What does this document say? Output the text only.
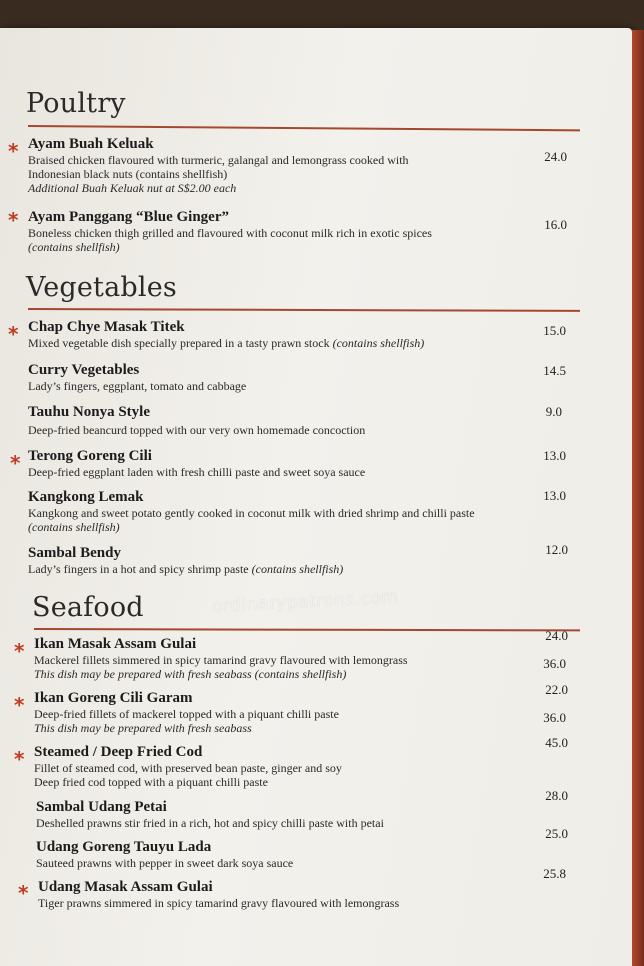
Poultry
* Ayam Buah Keluak
Braised chicken flavoured with turmeric, galangal and lemongrass cooked with
Indonesian black nuts (contains shellfish)
Additional Buah Keluak nut at S$2.00 each
24.0
* Ayam Panggang “Blue Ginger”
Boneless chicken thigh grilled and flavoured with coconut milk rich in exotic spices
(contains shellfish)
16.0
Vegetables
* Chap Chye Masak Titek
Mixed vegetable dish specially prepared in a tasty prawn stock (contains shellfish)
15.0
Curry Vegetables
Lady’s fingers, eggplant, tomato and cabbage
14.5
Tauhu Nonya Style
Deep-fried beancurd topped with our very own homemade concoction
9.0
* Terong Goreng Cili
Deep-fried eggplant laden with fresh chilli paste and sweet soya sauce
13.0
Kangkong Lemak
Kangkong and sweet potato gently cooked in coconut milk with dried shrimp and chilli paste
(contains shellfish)
13.0
Sambal Bendy
Lady’s fingers in a hot and spicy shrimp paste (contains shellfish)
12.0
ordinarypatrons.com
Seafood
* Ikan Masak Assam Gulai
Mackerel fillets simmered in spicy tamarind gravy flavoured with lemongrass
This dish may be prepared with fresh seabass (contains shellfish)
24.0
36.0
* Ikan Goreng Cili Garam
Deep-fried fillets of mackerel topped with a piquant chilli paste
This dish may be prepared with fresh seabass
22.0
36.0
* Steamed / Deep Fried Cod
Fillet of steamed cod, with preserved bean paste, ginger and soy
Deep fried cod topped with a piquant chilli paste
45.0
Sambal Udang Petai
Deshelled prawns stir fried in a rich, hot and spicy chilli paste with petai
28.0
Udang Goreng Tauyu Lada
Sauteed prawns with pepper in sweet dark soya sauce
25.0
* Udang Masak Assam Gulai
Tiger prawns simmered in spicy tamarind gravy flavoured with lemongrass
25.8
